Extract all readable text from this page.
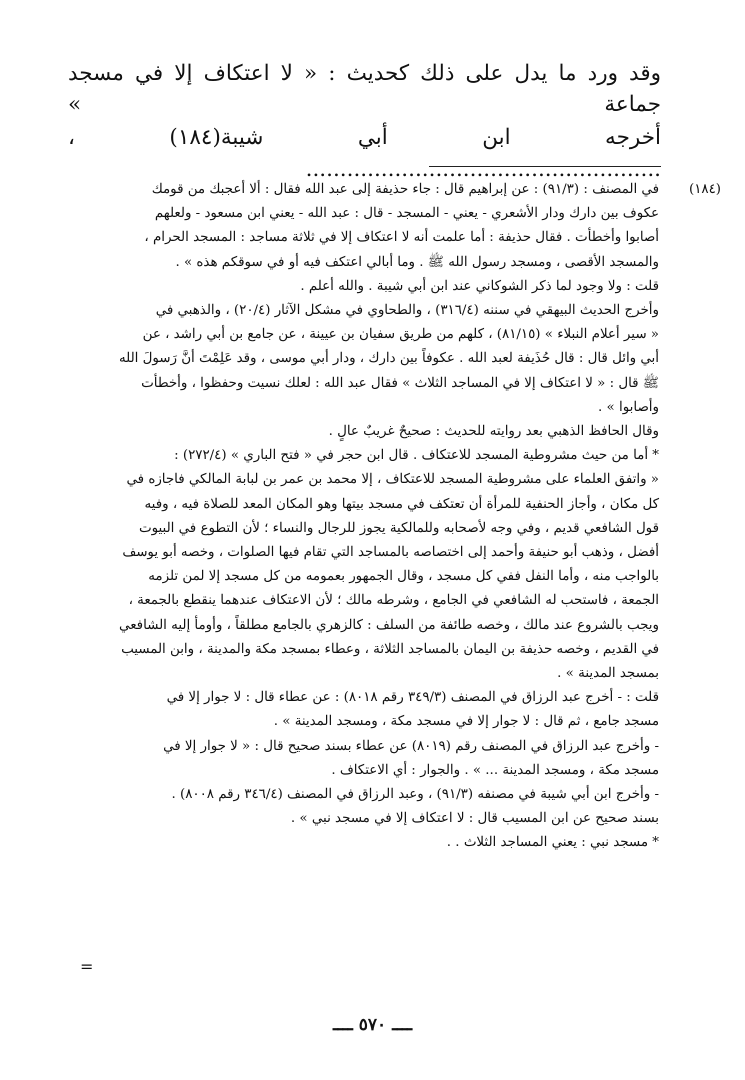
وقد ورد ما يدل على ذلك كحديث : « لا اعتكاف إلا في مسجد جماعة »

أخرجه ابن أبي شيبة(١٨٤) ، ....................................................

(١٨٤)

في المصنف : (٩١/٣) : عن إبراهيم قال : جاء حذيفة إلى عبد الله فقال : ألا أعجبك من قومك

عكوف بين دارك ودار الأشعري - يعني - المسجد - قال : عبد الله - يعني ابن مسعود - ولعلهم

أصابوا وأخطأت . فقال حذيفة : أما علمت أنه لا اعتكاف إلا في ثلاثة مساجد : المسجد الحرام ،

والمسجد الأقصى ، ومسجد رسول الله ﷺ . وما أبالي اعتكف فيه أو في سوقكم هذه » .

قلت : ولا وجود لما ذكر الشوكاني عند ابن أبي شيبة . والله أعلم .

وأخرج الحديث البيهقي في سننه (٣١٦/٤) ، والطحاوي في مشكل الآثار (٢٠/٤) ، والذهبي في

« سير أعلام النبلاء » (٨١/١٥) ، كلهم من طريق سفيان بن عيينة ، عن جامع بن أبي راشد ، عن

أبي وائل قال : قال حُذَيفة لعبد الله . عكوفاً بين دارك ، ودار أبي موسى ، وقد عَلِمْتَ أنَّ رَسولَ الله

ﷺ قال : « لا اعتكاف إلا في المساجد الثلاث » فقال عبد الله : لعلك نسيت وحفظوا ، وأخطأت

وأصابوا » .

وقال الحافظ الذهبي بعد روايته للحديث : صحيحٌ غريبٌ عالٍ .

* أما من حيث مشروطية المسجد للاعتكاف . قال ابن حجر في « فتح الباري » (٢٧٢/٤) :

« واتفق العلماء على مشروطية المسجد للاعتكاف ، إلا محمد بن عمر بن لبابة المالكي فاجازه في

كل مكان ، وأجاز الحنفية للمرأة أن تعتكف في مسجد بيتها وهو المكان المعد للصلاة فيه ، وفيه

قول الشافعي قديم ، وفي وجه لأصحابه وللمالكية يجوز للرجال والنساء ؛ لأن التطوع في البيوت

أفضل ، وذهب أبو حنيفة وأحمد إلى اختصاصه بالمساجد التي تقام فيها الصلوات ، وخصه أبو يوسف

بالواجب منه ، وأما النفل ففي كل مسجد ، وقال الجمهور بعمومه من كل مسجد إلا لمن تلزمه

الجمعة ، فاستحب له الشافعي في الجامع ، وشرطه مالك ؛ لأن الاعتكاف عندهما ينقطع بالجمعة ،

ويجب بالشروع عند مالك ، وخصه طائفة من السلف : كالزهري بالجامع مطلقاً ، وأومأ إليه الشافعي

في القديم ، وخصه حذيفة بن اليمان بالمساجد الثلاثة ، وعطاء بمسجد مكة والمدينة ، وابن المسيب

بمسجد المدينة » .

قلت : - أخرج عبد الرزاق في المصنف (٣٤٩/٣ رقم ٨٠١٨) : عن عطاء قال : لا جوار إلا في

مسجد جامع ، ثم قال : لا جوار إلا في مسجد مكة ، ومسجد المدينة » .

- وأخرج عبد الرزاق في المصنف رقم (٨٠١٩) عن عطاء بسند صحيح قال : « لا جوار إلا في

مسجد مكة ، ومسجد المدينة ... » . والجوار : أي الاعتكاف .

- وأخرج ابن أبي شيبة في مصنفه (٩١/٣) ، وعبد الرزاق في المصنف (٣٤٦/٤ رقم ٨٠٠٨) .

بسند صحيح عن ابن المسيب قال : لا اعتكاف إلا في مسجد نبي » .

* مسجد نبي : يعني المساجد الثلاث . .

=
ــــ ٥٧٠ ــــ
